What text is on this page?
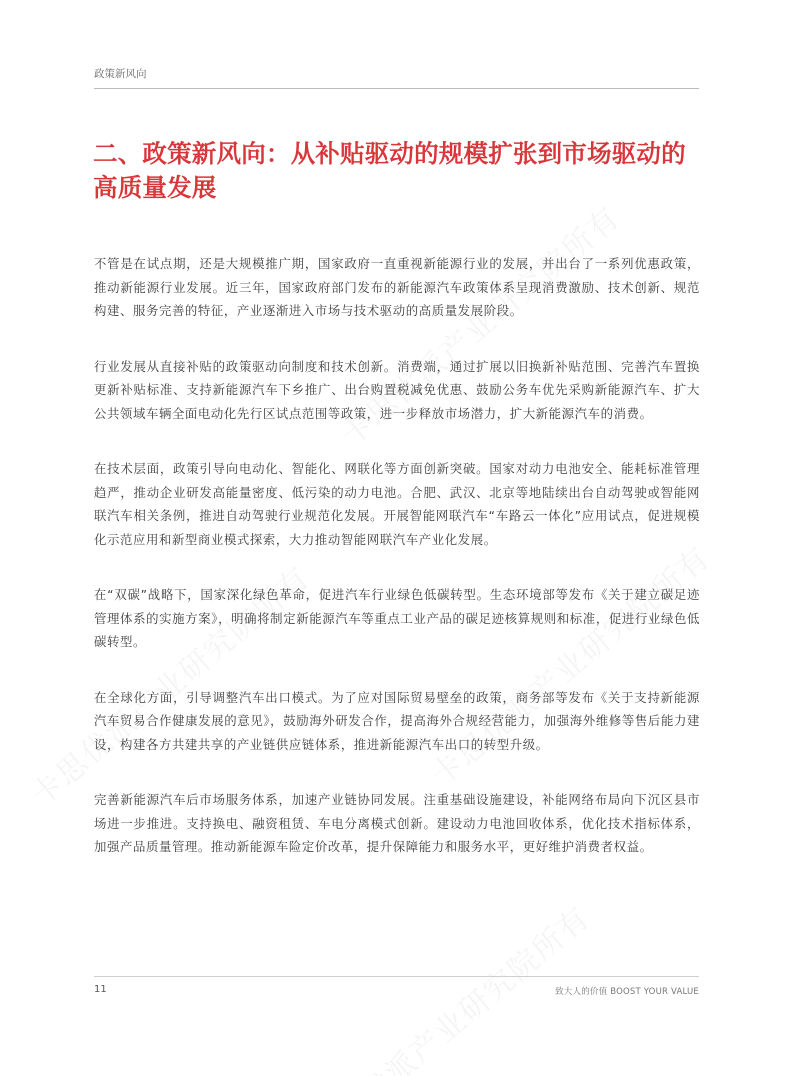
政策新风向
二、政策新风向：从补贴驱动的规模扩张到市场驱动的高质量发展

不管是在试点期，还是大规模推广期，国家政府一直重视新能源行业的发展，并出台了一系列优惠政策，推动新能源行业发展。近三年，国家政府部门发布的新能源汽车政策体系呈现消费激励、技术创新、规范构建、服务完善的特征，产业逐渐进入市场与技术驱动的高质量发展阶段。

行业发展从直接补贴的政策驱动向制度和技术创新。消费端，通过扩展以旧换新补贴范围、完善汽车置换更新补贴标准、支持新能源汽车下乡推广、出台购置税减免优惠、鼓励公务车优先采购新能源汽车、扩大公共领域车辆全面电动化先行区试点范围等政策，进一步释放市场潜力，扩大新能源汽车的消费。

在技术层面，政策引导向电动化、智能化、网联化等方面创新突破。国家对动力电池安全、能耗标准管理趋严，推动企业研发高能量密度、低污染的动力电池。合肥、武汉、北京等地陆续出台自动驾驶或智能网联汽车相关条例，推进自动驾驶行业规范化发展。开展智能网联汽车“车路云一体化”应用试点，促进规模化示范应用和新型商业模式探索，大力推动智能网联汽车产业化发展。

在“双碳”战略下，国家深化绿色革命，促进汽车行业绿色低碳转型。生态环境部等发布《关于建立碳足迹管理体系的实施方案》，明确将制定新能源汽车等重点工业产品的碳足迹核算规则和标准，促进行业绿色低碳转型。

在全球化方面，引导调整汽车出口模式。为了应对国际贸易壁垒的政策，商务部等发布《关于支持新能源汽车贸易合作健康发展的意见》，鼓励海外研发合作，提高海外合规经营能力，加强海外维修等售后能力建设，构建各方共建共享的产业链供应链体系，推进新能源汽车出口的转型升级。

完善新能源汽车后市场服务体系，加速产业链协同发展。注重基础设施建设，补能网络布局向下沉区县市场进一步推进。支持换电、融资租赁、车电分离模式创新。建设动力电池回收体系，优化技术指标体系，加强产品质量管理。推动新能源车险定价改革，提升保障能力和服务水平，更好维护消费者权益。

11	致大人的价值 BOOST YOUR VALUE
